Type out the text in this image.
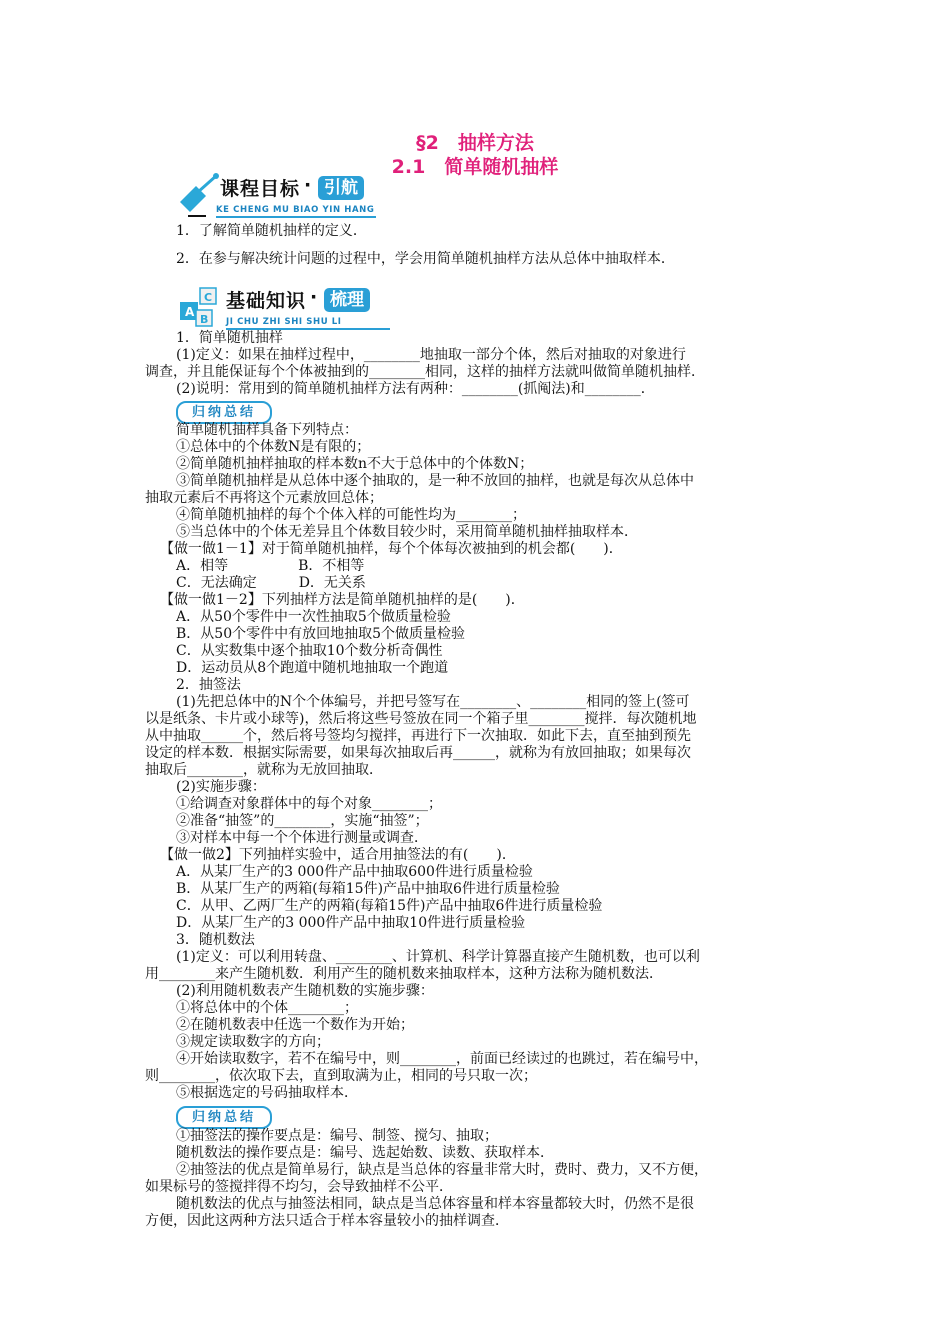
§2　抽样方法
2.1　简单随机抽样
课程目标 · 引航
KE CHENG MU BIAO YIN HANG
A
B
C 基础知识 · 梳理
JI CHU ZHI SHI SHU LI
1．了解简单随机抽样的定义．
2．在参与解决统计问题的过程中，学会用简单随机抽样方法从总体中抽取样本．
1．简单随机抽样
(1)定义：如果在抽样过程中，________地抽取一部分个体，然后对抽取的对象进行
调查，并且能保证每个个体被抽到的________相同，这样的抽样方法就叫做简单随机抽样．
(2)说明：常用到的简单随机抽样方法有两种：________(抓阄法)和________．
归纳总结
简单随机抽样具备下列特点：
①总体中的个体数N是有限的；
②简单随机抽样抽取的样本数n不大于总体中的个体数N；
③简单随机抽样是从总体中逐个抽取的，是一种不放回的抽样，也就是每次从总体中
抽取元素后不再将这个元素放回总体；
④简单随机抽样的每个个体入样的可能性均为________；
⑤当总体中的个体无差异且个体数目较少时，采用简单随机抽样抽取样本．
【做一做1－1】对于简单随机抽样，每个个体每次被抽到的机会都(　　)．
A．相等　　　　　B．不相等
C．无法确定　　　D．无关系
【做一做1－2】下列抽样方法是简单随机抽样的是(　　)．
A．从50个零件中一次性抽取5个做质量检验
B．从50个零件中有放回地抽取5个做质量检验
C．从实数集中逐个抽取10个数分析奇偶性
D．运动员从8个跑道中随机地抽取一个跑道
2．抽签法
(1)先把总体中的N个个体编号，并把号签写在________、________相同的签上(签可
以是纸条、卡片或小球等)，然后将这些号签放在同一个箱子里________搅拌．每次随机地
从中抽取______个，然后将号签均匀搅拌，再进行下一次抽取．如此下去，直至抽到预先
设定的样本数．根据实际需要，如果每次抽取后再______，就称为有放回抽取；如果每次
抽取后________，就称为无放回抽取．
(2)实施步骤：
①给调查对象群体中的每个对象________；
②准备“抽签”的________，实施“抽签”；
③对样本中每一个个体进行测量或调查．
【做一做2】下列抽样实验中，适合用抽签法的有(　　)．
A．从某厂生产的3 000件产品中抽取600件进行质量检验
B．从某厂生产的两箱(每箱15件)产品中抽取6件进行质量检验
C．从甲、乙两厂生产的两箱(每箱15件)产品中抽取6件进行质量检验
D．从某厂生产的3 000件产品中抽取10件进行质量检验
3．随机数法
(1)定义：可以利用转盘、________、计算机、科学计算器直接产生随机数，也可以利
用________来产生随机数．利用产生的随机数来抽取样本，这种方法称为随机数法．
(2)利用随机数表产生随机数的实施步骤：
①将总体中的个体________；
②在随机数表中任选一个数作为开始；
③规定读取数字的方向；
④开始读取数字，若不在编号中，则________，前面已经读过的也跳过，若在编号中，
则________，依次取下去，直到取满为止，相同的号只取一次；
⑤根据选定的号码抽取样本．
归纳总结
①抽签法的操作要点是：编号、制签、搅匀、抽取；
随机数法的操作要点是：编号、选起始数、读数、获取样本．
②抽签法的优点是简单易行，缺点是当总体的容量非常大时，费时、费力，又不方便，
如果标号的签搅拌得不均匀，会导致抽样不公平．
随机数法的优点与抽签法相同，缺点是当总体容量和样本容量都较大时，仍然不是很
方便，因此这两种方法只适合于样本容量较小的抽样调查．
